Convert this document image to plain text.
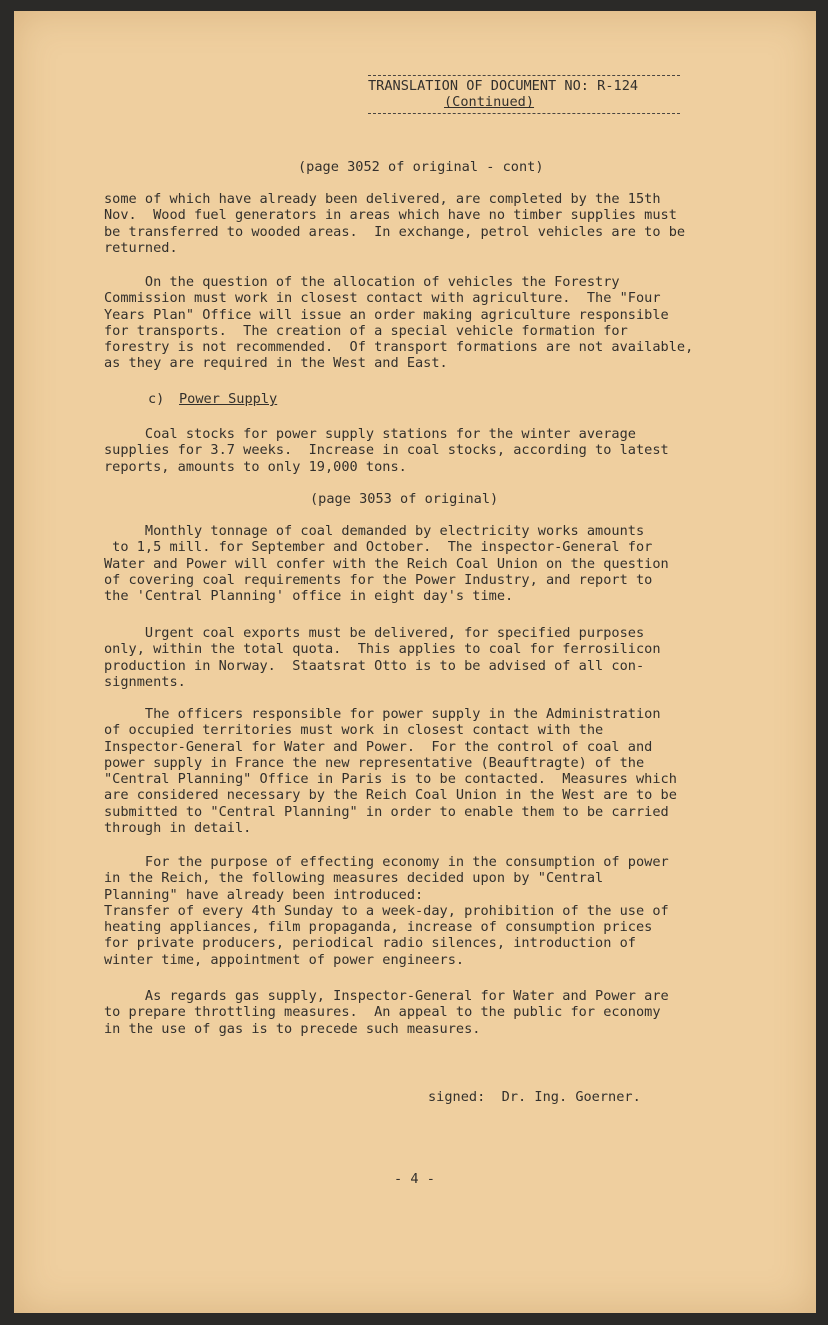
TRANSLATION OF DOCUMENT NO: R-124
(Continued)
(page 3052 of original - cont)
some of which have already been delivered, are completed by the 15th
Nov.  Wood fuel generators in areas which have no timber supplies must
be transferred to wooded areas.  In exchange, petrol vehicles are to be
returned.
On the question of the allocation of vehicles the Forestry
Commission must work in closest contact with agriculture.  The "Four
Years Plan" Office will issue an order making agriculture responsible
for transports.  The creation of a special vehicle formation for
forestry is not recommended.  Of transport formations are not available,
as they are required in the West and East.
c) Power Supply
Coal stocks for power supply stations for the winter average
supplies for 3.7 weeks.  Increase in coal stocks, according to latest
reports, amounts to only 19,000 tons.
(page 3053 of original)
Monthly tonnage of coal demanded by electricity works amounts
to 1,5 mill. for September and October.  The inspector-General for
Water and Power will confer with the Reich Coal Union on the question
of covering coal requirements for the Power Industry, and report to
the 'Central Planning' office in eight day's time.
Urgent coal exports must be delivered, for specified purposes
only, within the total quota.  This applies to coal for ferrosilicon
production in Norway.  Staatsrat Otto is to be advised of all con-
signments.
The officers responsible for power supply in the Administration
of occupied territories must work in closest contact with the
Inspector-General for Water and Power.  For the control of coal and
power supply in France the new representative (Beauftragte) of the
"Central Planning" Office in Paris is to be contacted.  Measures which
are considered necessary by the Reich Coal Union in the West are to be
submitted to "Central Planning" in order to enable them to be carried
through in detail.
For the purpose of effecting economy in the consumption of power
in the Reich, the following measures decided upon by "Central
Planning" have already been introduced:
Transfer of every 4th Sunday to a week-day, prohibition of the use of
heating appliances, film propaganda, increase of consumption prices
for private producers, periodical radio silences, introduction of
winter time, appointment of power engineers.
As regards gas supply, Inspector-General for Water and Power are
to prepare throttling measures.  An appeal to the public for economy
in the use of gas is to precede such measures.
signed:  Dr. Ing. Goerner.
- 4 -
